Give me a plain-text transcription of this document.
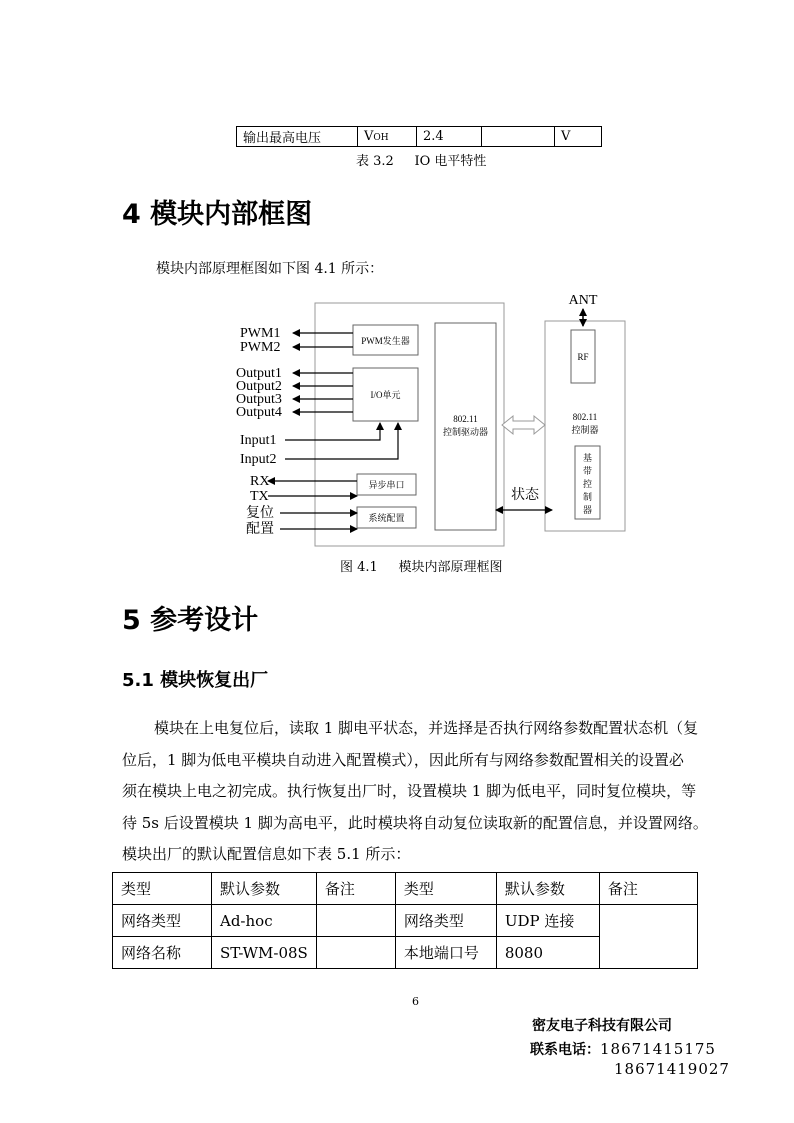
输出最高电压	VOH	2.4		V
表 3.2     IO 电平特性
4 模块内部框图
模块内部原理框图如下图 4.1 所示：
PWM发生器
I/O单元
异步串口
系统配置
802.11
控制驱动器
RF
802.11
控制器
基
带
控
制
器
ANT
PWM1
PWM2
Output1
Output2
Output3
Output4
Input1
Input2
RX
TX
复位
配置
状态
图 4.1     模块内部原理框图
5 参考设计
5.1 模块恢复出厂
模块在上电复位后，读取 1 脚电平状态，并选择是否执行网络参数配置状态机（复
位后，1 脚为低电平模块自动进入配置模式），因此所有与网络参数配置相关的设置必
须在模块上电之初完成。执行恢复出厂时，设置模块 1 脚为低电平，同时复位模块，等
待 5s 后设置模块 1 脚为高电平，此时模块将自动复位读取新的配置信息，并设置网络。
模块出厂的默认配置信息如下表 5.1 所示：
类型	默认参数	备注	类型	默认参数	备注
网络类型	Ad-hoc		网络类型	UDP 连接	
网络名称	ST-WM-08S		本地端口号	8080	
6
密友电子科技有限公司
联系电话：18671415175
18671419027
